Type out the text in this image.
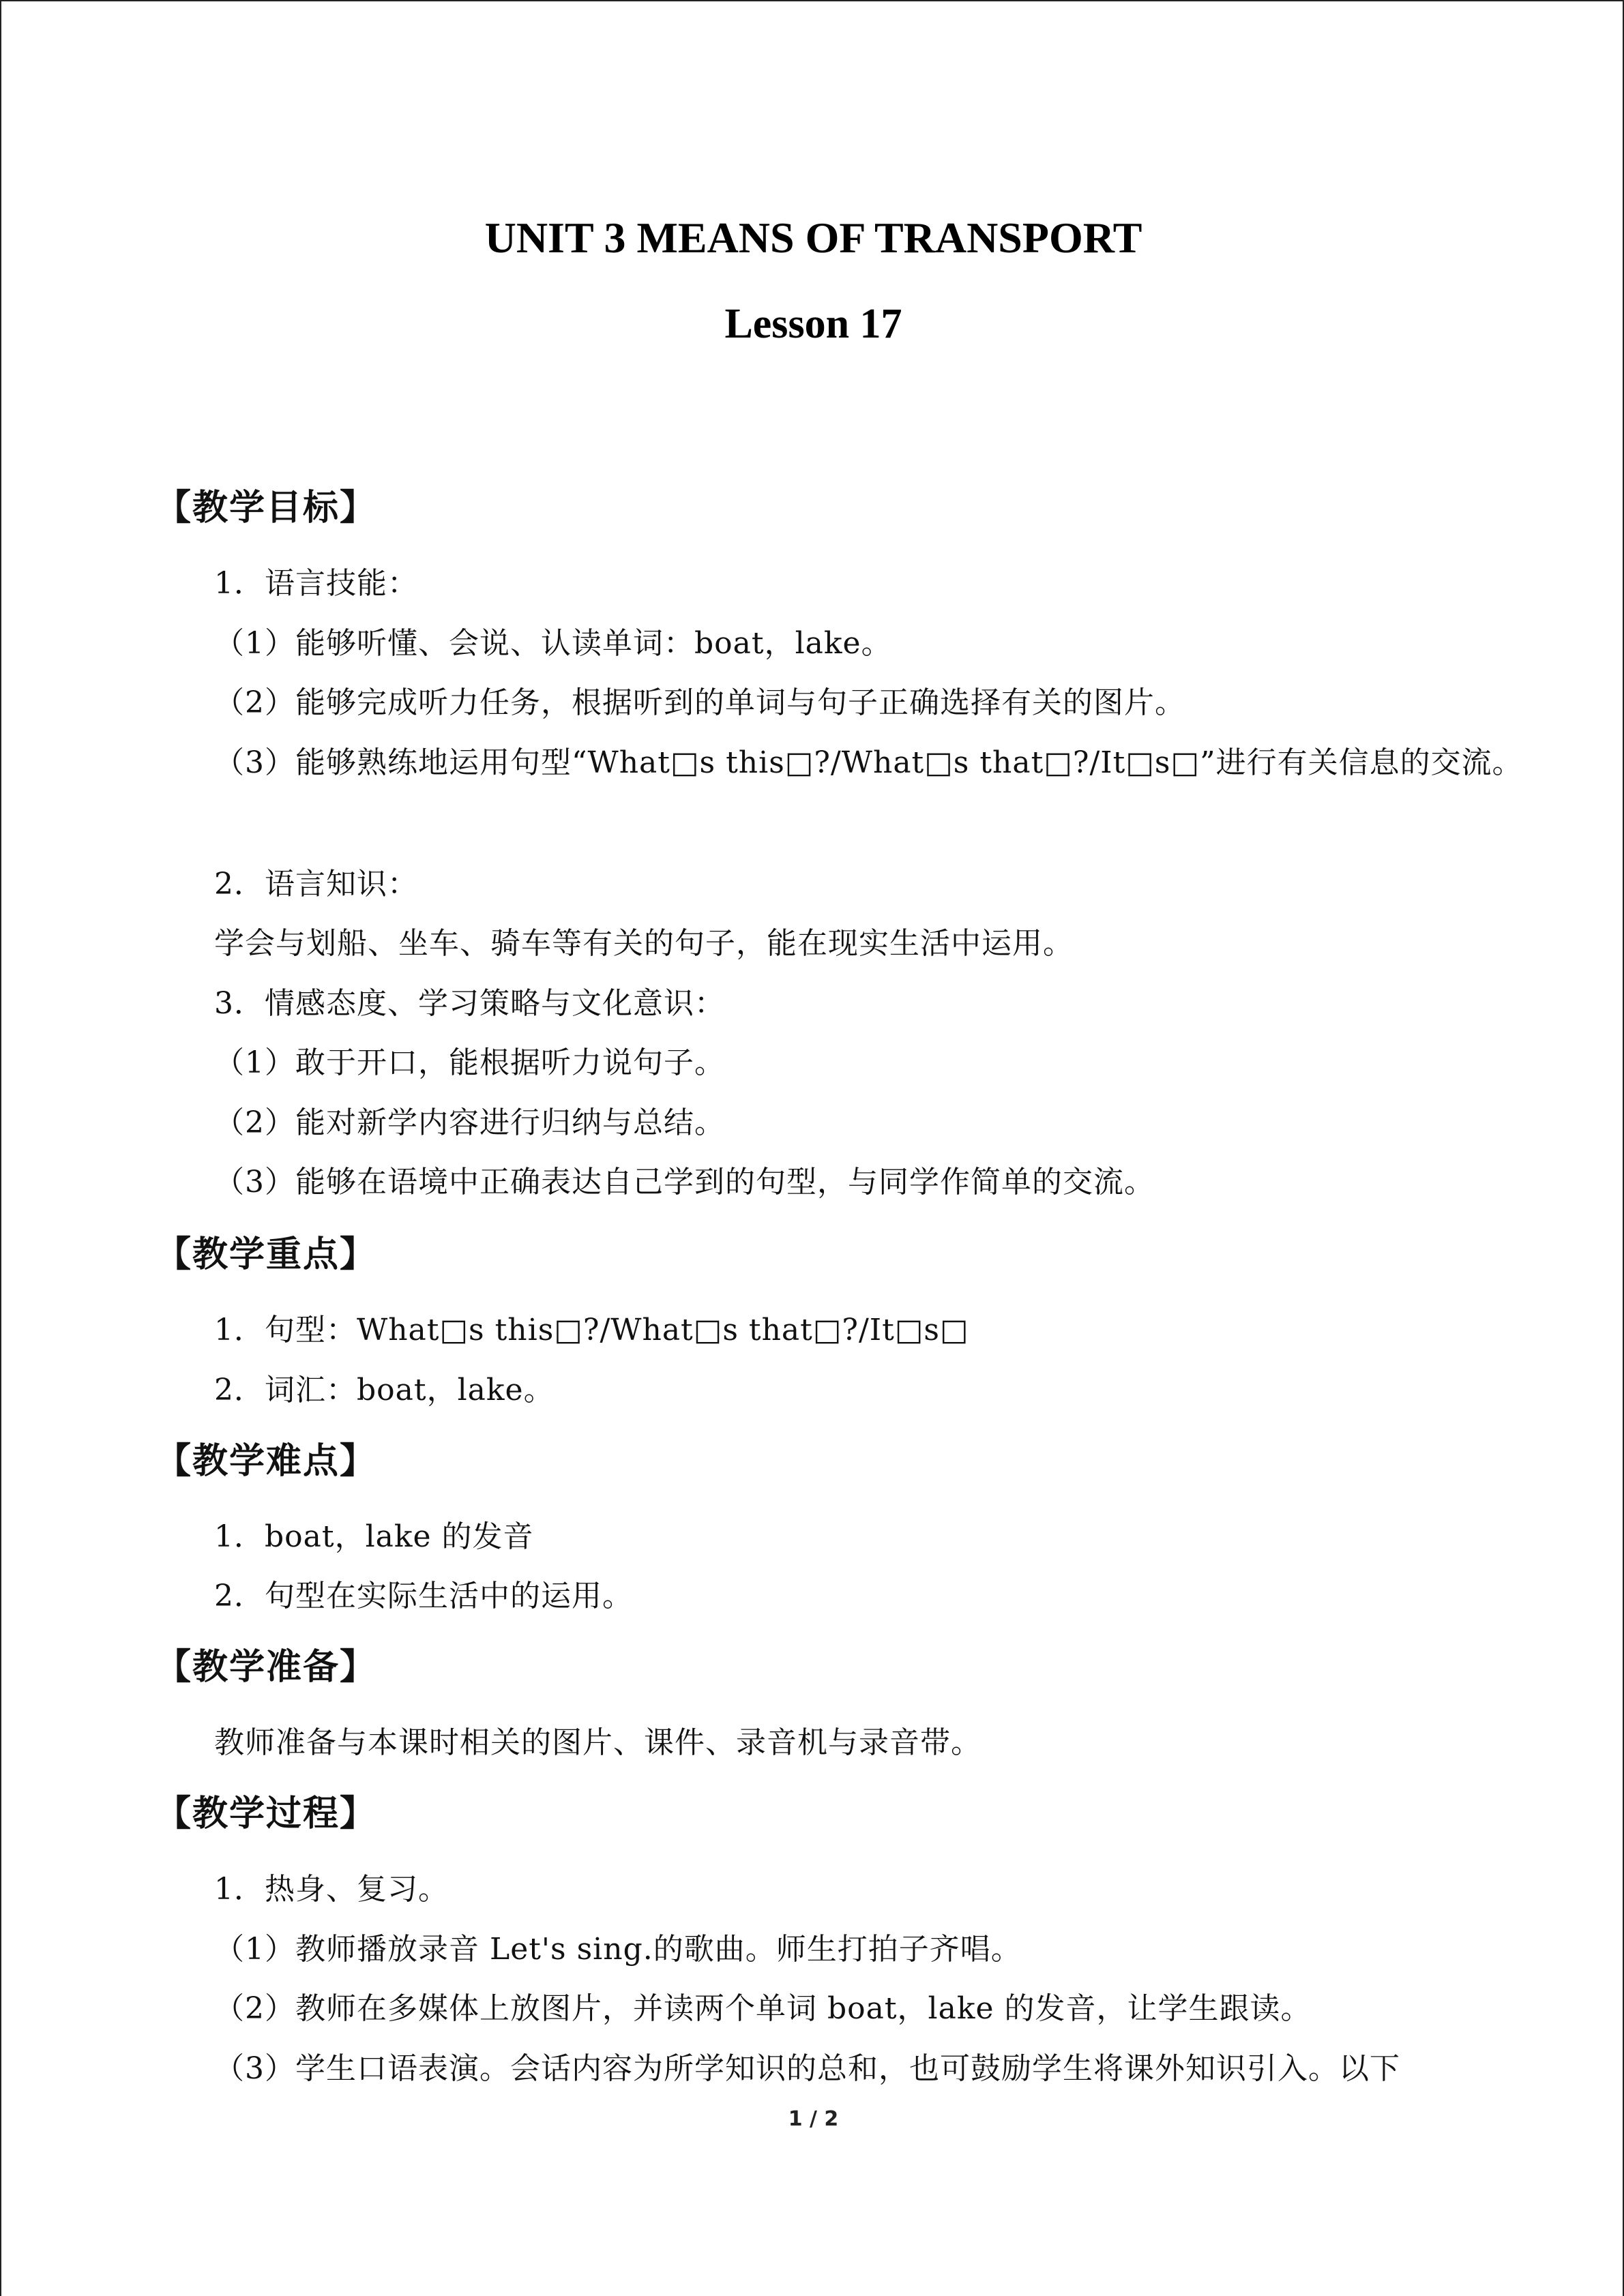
UNIT 3 MEANS OF TRANSPORT
Lesson 17
【教学目标】
1．语言技能：
（1）能够听懂、会说、认读单词：boat，lake。
（2）能够完成听力任务，根据听到的单词与句子正确选择有关的图片。
（3）能够熟练地运用句型“What□s this□?/What□s that□?/It□s□”进行有关信息的交流。
2．语言知识：
学会与划船、坐车、骑车等有关的句子，能在现实生活中运用。
3．情感态度、学习策略与文化意识：
（1）敢于开口，能根据听力说句子。
（2）能对新学内容进行归纳与总结。
（3）能够在语境中正确表达自己学到的句型，与同学作简单的交流。
【教学重点】
1．句型：What□s this□?/What□s that□?/It□s□
2．词汇：boat，lake。
【教学难点】
1．boat，lake 的发音
2．句型在实际生活中的运用。
【教学准备】
教师准备与本课时相关的图片、课件、录音机与录音带。
【教学过程】
1．热身、复习。
（1）教师播放录音 Let's sing.的歌曲。师生打拍子齐唱。
（2）教师在多媒体上放图片，并读两个单词 boat，lake 的发音，让学生跟读。
（3）学生口语表演。会话内容为所学知识的总和，也可鼓励学生将课外知识引入。以下
1 / 2
